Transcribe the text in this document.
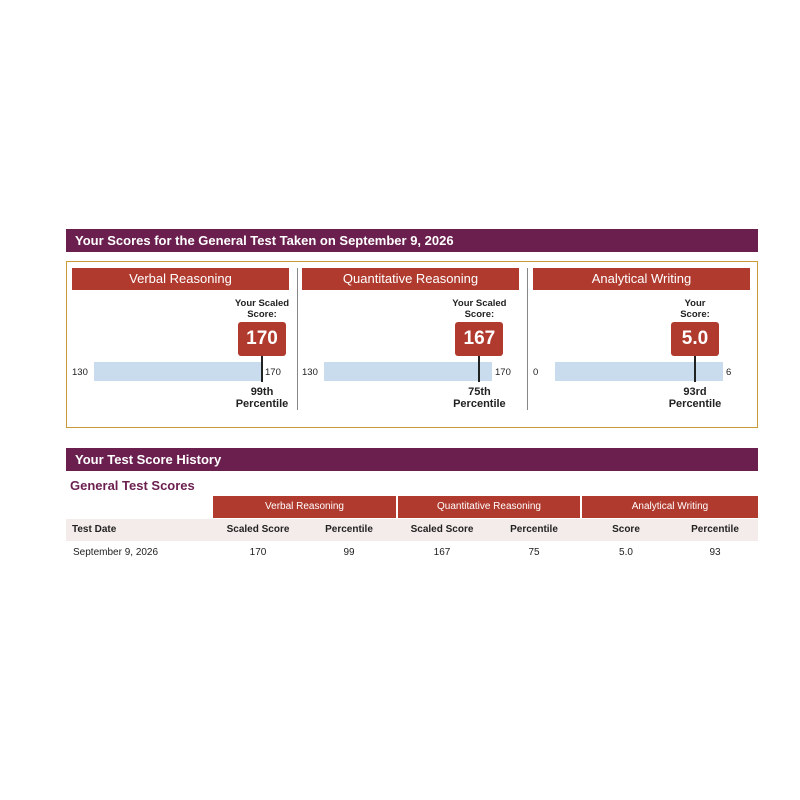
Your Scores for the General Test Taken on September 9, 2026
Verbal Reasoning
Your Scaled
Score:
170
130	170
99th
Percentile
Quantitative Reasoning
Your Scaled
Score:
167
130	170
75th
Percentile
Analytical Writing
Your
Score:
5.0
0	6
93rd
Percentile
Your Test Score History
General Test Scores
Verbal Reasoning	Quantitative Reasoning	Analytical Writing
Test Date	Scaled Score	Percentile	Scaled Score	Percentile	Score	Percentile
September 9, 2026	170	99	167	75	5.0	93
